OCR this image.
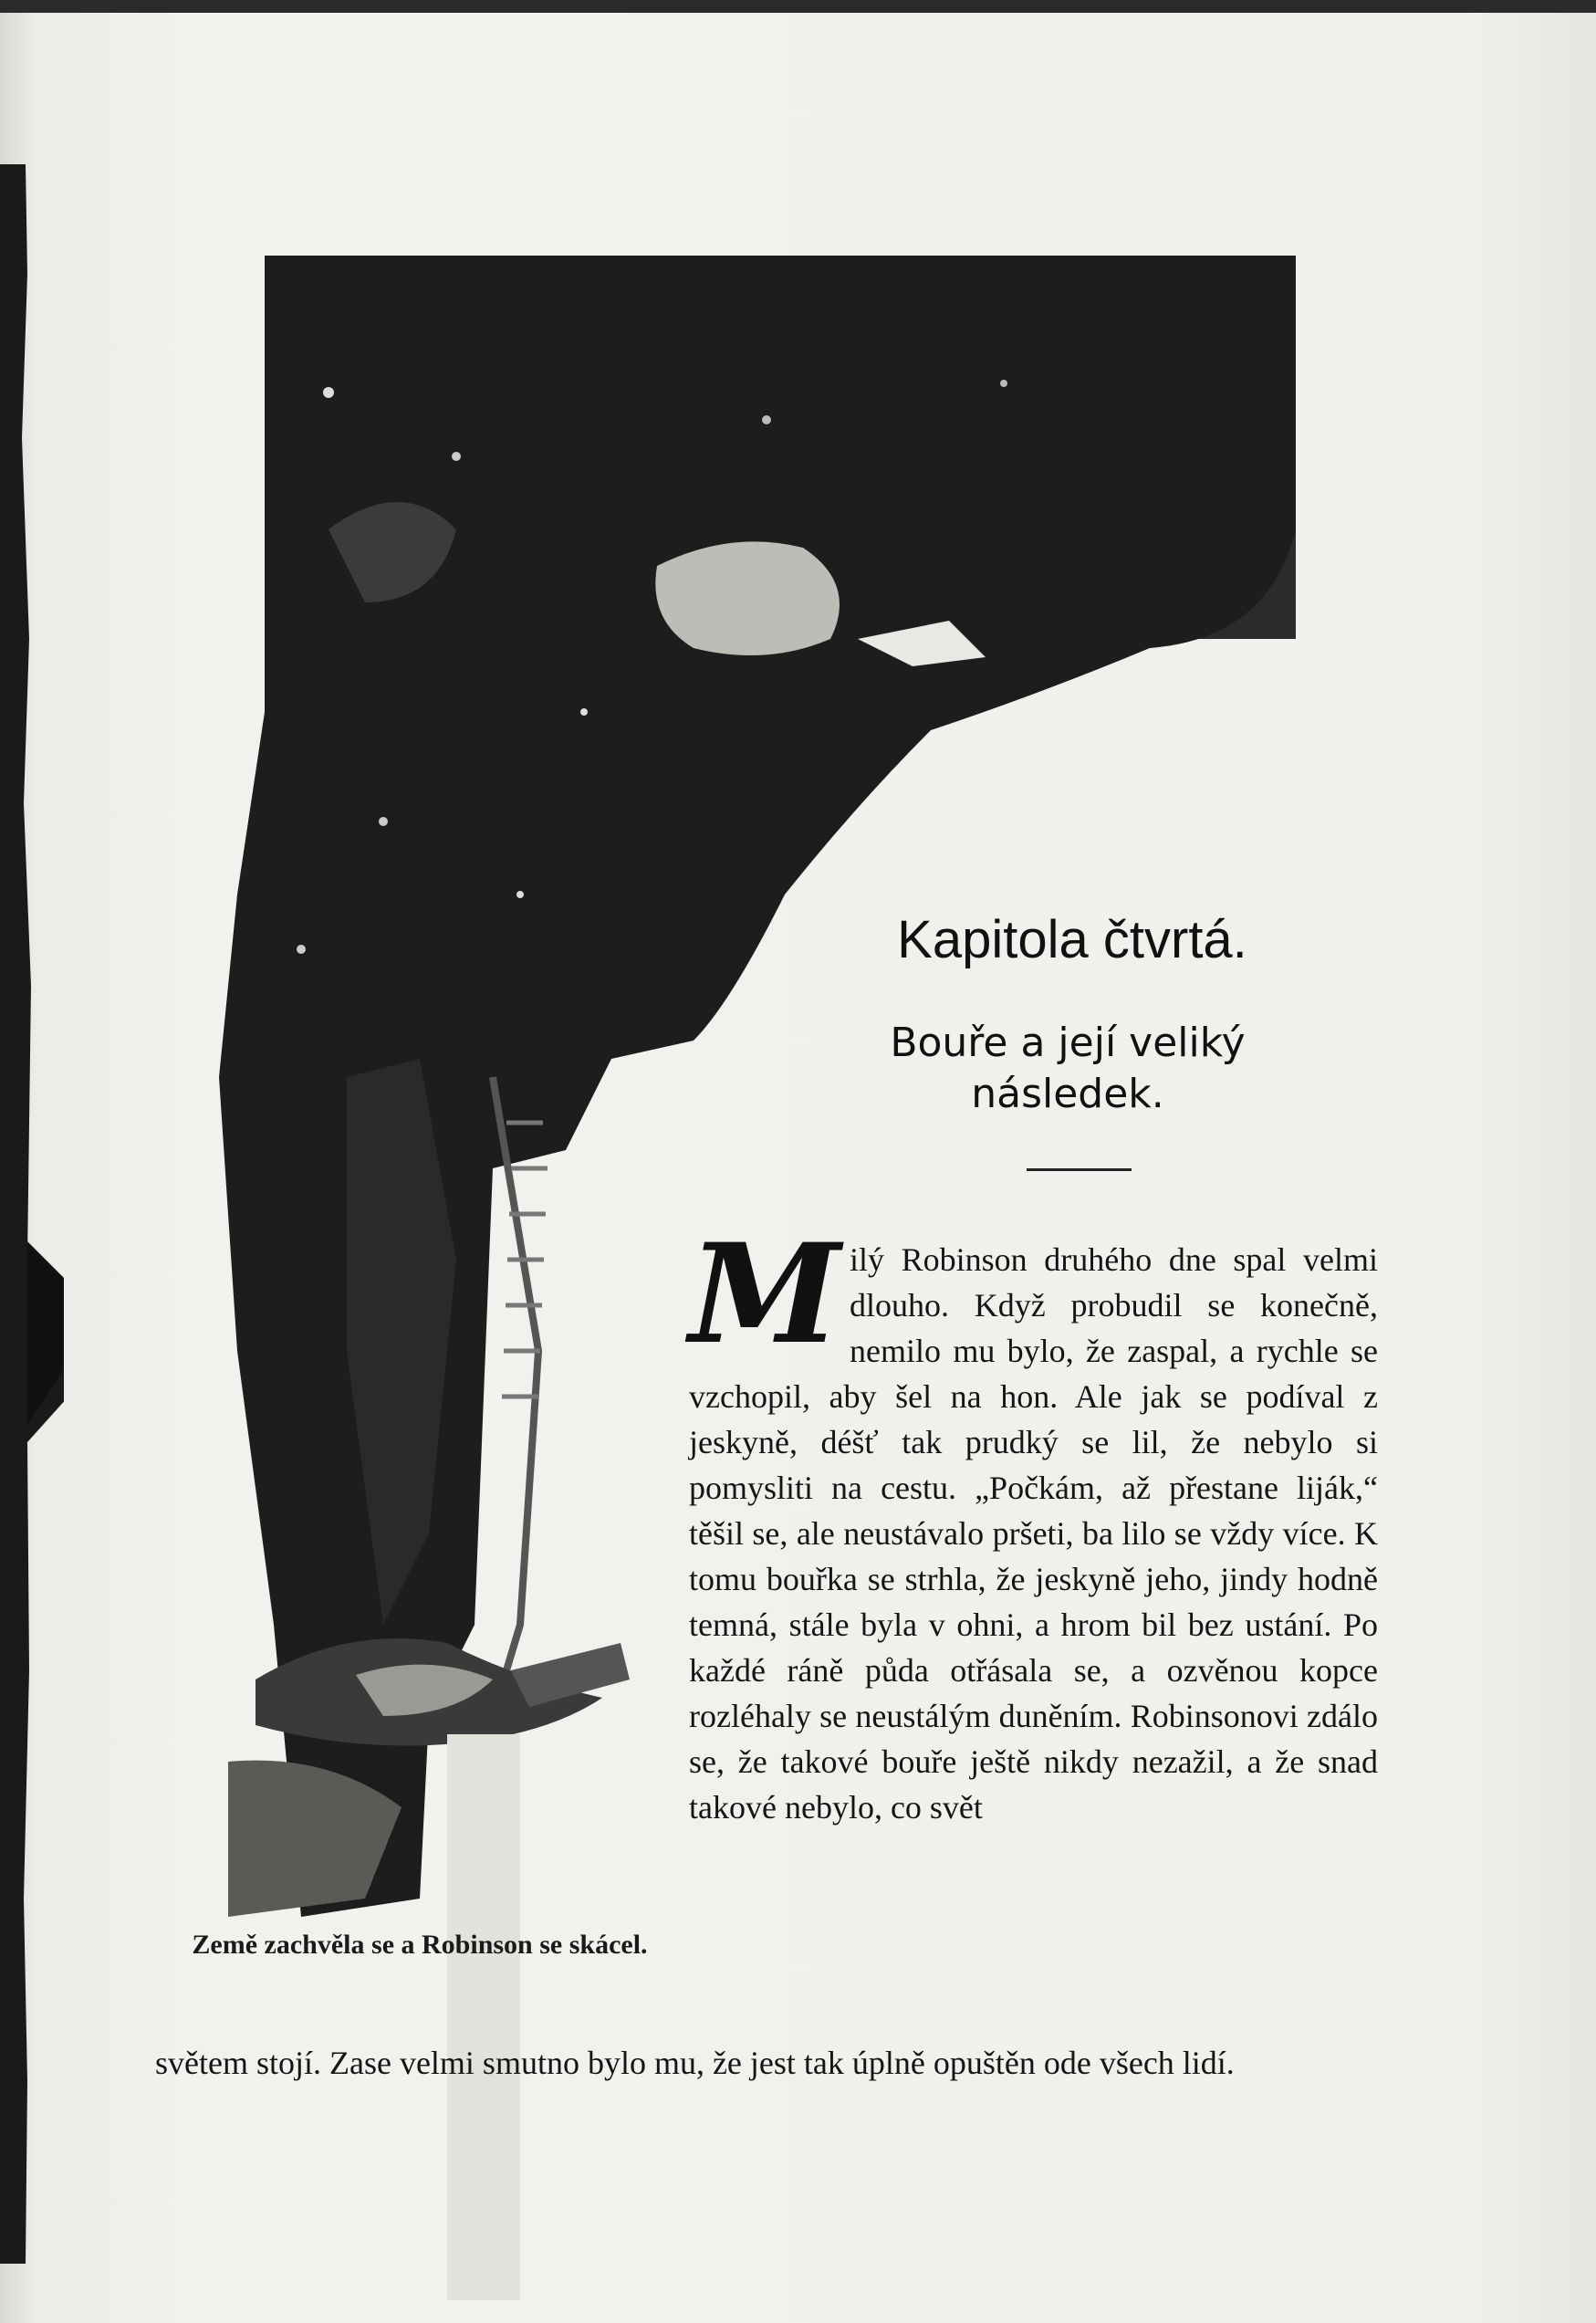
Země zachvěla se a Robinson se skácel.
Kapitola čtvrtá.
Bouře a její veliký následek.
Milý Robinson druhého dne spal velmi dlouho. Když probudil se konečně, nemilo mu bylo, že zaspal, a rychle se vzchopil, aby šel na hon. Ale jak se podíval z jeskyně, déšť tak prudký se lil, že nebylo si pomysliti na cestu. „Počkám, až přestane liják,“ těšil se, ale neustávalo pršeti, ba lilo se vždy více. K tomu bouřka se strhla, že jeskyně jeho, jindy hodně temná, stále byla v ohni, a hrom bil bez ustání. Po každé ráně půda otřásala se, a ozvěnou kopce rozléhaly se neustálým duněním. Robinsonovi zdálo se, že takové bouře ještě nikdy nezažil, a že snad takové nebylo, co svět
světem stojí. Zase velmi smutno bylo mu, že jest tak úplně opuštěn ode všech lidí.
